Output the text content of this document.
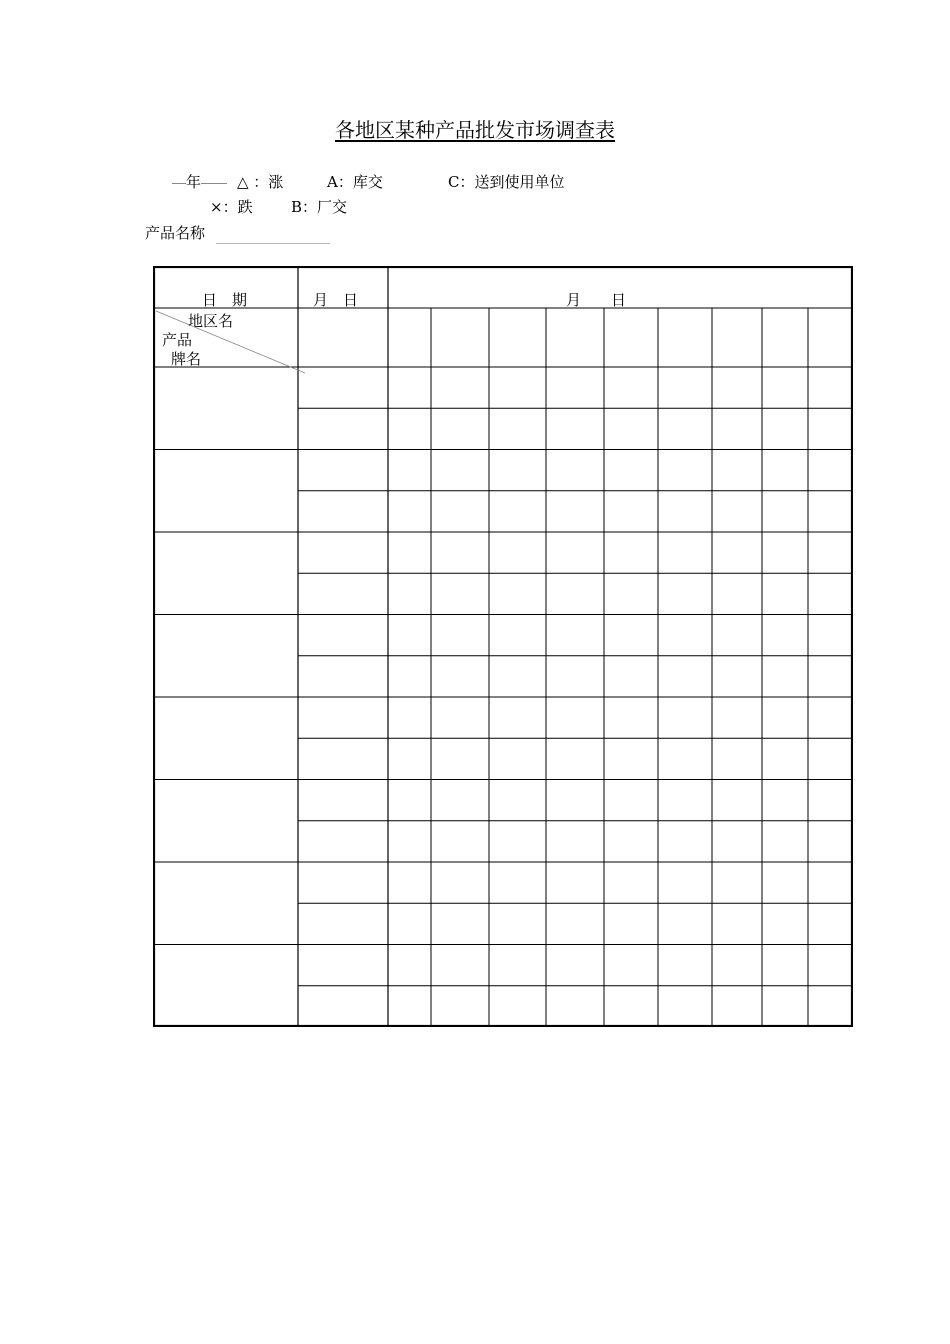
各地区某种产品批发市场调查表
年	△ ：涨	A：库交	C：送到使用单位
×：跌	B：厂交
产品名称
日　期	月　日	月　　日
地区名
产品
牌名
